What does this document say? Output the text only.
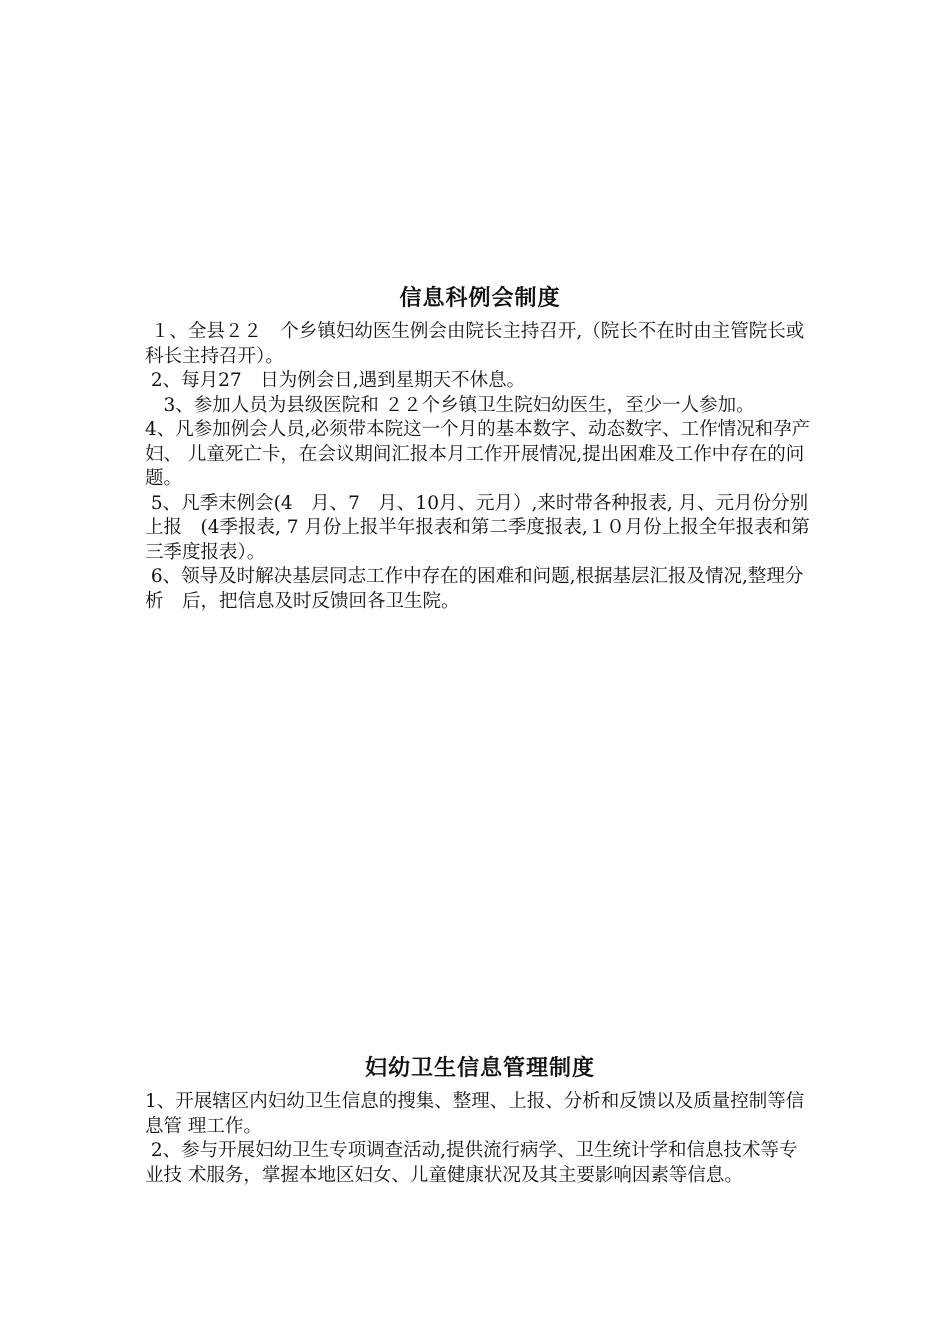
信息科例会制度

１、全县２２　个乡镇妇幼医生例会由院长主持召开,（院长不在时由主管院长或科长主持召开）。

2、每月27　日为例会日,遇到星期天不休息。

　3、参加人员为县级医院和 ２２个乡镇卫生院妇幼医生，至少一人参加。

4、凡参加例会人员,必须带本院这一个月的基本数字、动态数字、工作情况和孕产妇、 儿童死亡卡，在会议期间汇报本月工作开展情况,提出困难及工作中存在的问题。

5、凡季末例会(4　月、7　月、10月、元月）,来时带各种报表, 月、元月份分别上报　(4季报表, 7 月份上报半年报表和第二季度报表,１０月份上报全年报表和第三季度报表）。

6、领导及时解决基层同志工作中存在的困难和问题,根据基层汇报及情况,整理分析　后，把信息及时反馈回各卫生院。

妇幼卫生信息管理制度

1、开展辖区内妇幼卫生信息的搜集、整理、上报、分析和反馈以及质量控制等信息管 理工作。

2、参与开展妇幼卫生专项调查活动,提供流行病学、卫生统计学和信息技术等专业技 术服务，掌握本地区妇女、儿童健康状况及其主要影响因素等信息。
